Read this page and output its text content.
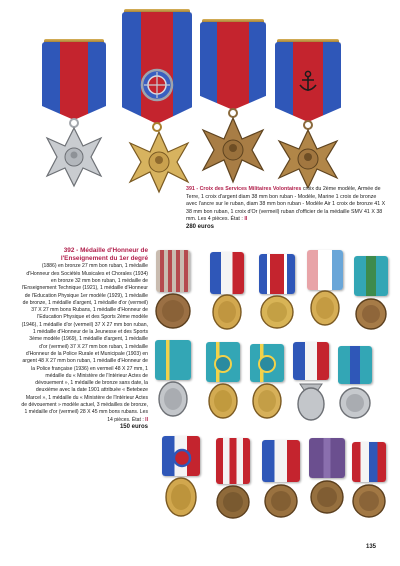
391 - Croix des Services Militaires Volontaires croix du 2ème modèle, Armée de Terre, 1 croix d'argent diam 38 mm bon ruban - Modèle, Marine 1 croix de bronze avec l'ancre sur le ruban, diam 38 mm bon ruban - Modèle Air 1 croix de bronze 41 X 38 mm bon ruban, 1 croix d'Or (vermeil) ruban d'officier de la médaille SMV 41 X 38 mm. Les 4 pièces. État : II
280 euros
392 - Médaille d'Honneur de l'Enseignement du 1er degré
(1886) en bronze 27 mm bon ruban, 1 médaille d'Honneur des Sociétés Musicales et Chorales (1934) en bronze 32 mm bon ruban, 1 médaille de l'Enseignement Technique (1921), 1 médaille d'Honneur de l'Education Physique 1er modèle (1929), 1 médaille de bronze, 1 médaille d'argent, 1 médaille d'or (vermeil) 37 X 27 mm bons Rubans, 1 médaille d'Honneur de l'Education Physique et des Sports 2ème modèle (1946), 1 médaille d'or (vermeil) 37 X 27 mm bon ruban, 1 médaille d'Honneur de la Jeunesse et des Sports 3ème modèle (1969), 1 médaille d'argent, 1 médaille d'or (vermeil) 37 X 27 mm bon ruban, 1 médaille d'Honneur de la Police Rurale et Municipale (1903) en argent 48 X 27 mm bon ruban, 1 médaille d'Honneur de la Police française (1936) en vermeil 48 X 27 mm, 1 médaille du « Ministère de l'Intérieur Actes de dévouement », 1 médaille de bronze sans date, la deuxième avec la date 1901 attribuée « Betebeze Marcel », 1 médaille du « Ministère de l'Intérieur Actes de dévouement » modèle actuel, 3 médailles de bronze, 1 médaille d'or (vermeil) 28 X 45 mm bons rubans. Les 14 pièces. État : II
150 euros
135
